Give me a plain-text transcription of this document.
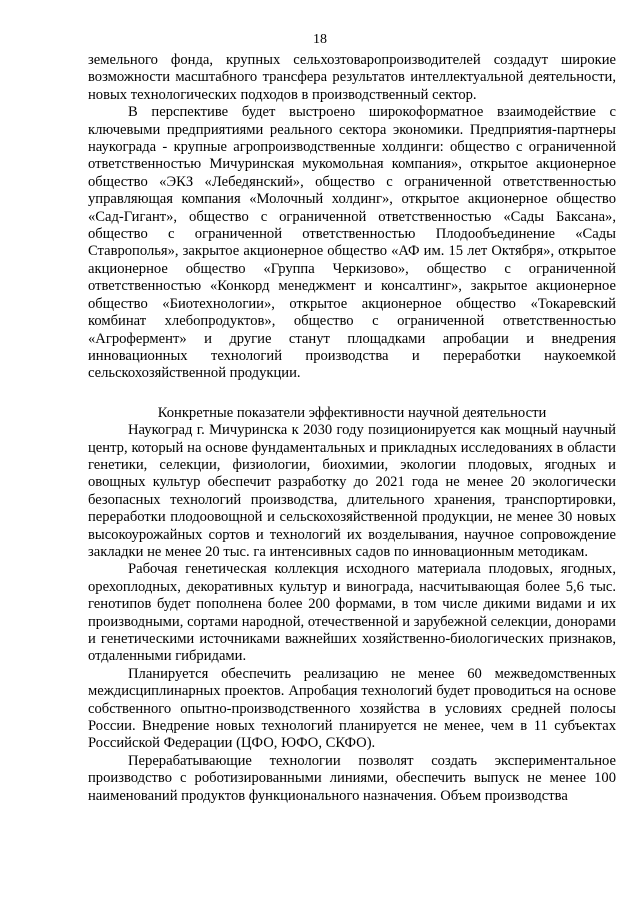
18

земельного фонда, крупных сельхозтоваропроизводителей создадут широкие возможности масштабного трансфера результатов интеллектуальной деятельности, новых технологических подходов в производственный сектор.

В перспективе будет выстроено широкоформатное взаимодействие с ключевыми предприятиями реального сектора экономики. Предприятия-партнеры наукограда - крупные агропроизводственные холдинги: общество с ограниченной ответственностью Мичуринская мукомольная компания», открытое акционерное общество «ЭКЗ «Лебедянский», общество с ограниченной ответственностью управляющая компания «Молочный холдинг», открытое акционерное общество «Сад-Гигант», общество с ограниченной ответственностью «Сады Баксана», общество с ограниченной ответственностью Плодообъединение «Сады Ставрополья», закрытое акционерное общество «АФ им. 15 лет Октября», открытое акционерное общество «Группа Черкизово», общество с ограниченной ответственностью «Конкорд менеджмент и консалтинг», закрытое акционерное общество «Биотехнологии», открытое акционерное общество «Токаревский комбинат хлебопродуктов», общество с ограниченной ответственностью «Агрофермент» и другие станут площадками апробации и внедрения инновационных технологий производства и переработки наукоемкой сельскохозяйственной продукции.

Конкретные показатели эффективности научной деятельности

Наукоград г. Мичуринска к 2030 году позиционируется как мощный научный центр, который на основе фундаментальных и прикладных исследованиях в области генетики, селекции, физиологии, биохимии, экологии плодовых, ягодных и овощных культур обеспечит разработку до 2021 года не менее 20 экологически безопасных технологий производства, длительного хранения, транспортировки, переработки плодоовощной и сельскохозяйственной продукции, не менее 30 новых высокоурожайных сортов и технологий их возделывания, научное сопровождение закладки не менее 20 тыс. га интенсивных садов по инновационным методикам.

Рабочая генетическая коллекция исходного материала плодовых, ягодных, орехоплодных, декоративных культур и винограда, насчитывающая более 5,6 тыс. генотипов будет пополнена более 200 формами, в том числе дикими видами и их производными, сортами народной, отечественной и зарубежной селекции, донорами и генетическими источниками важнейших хозяйственно-биологических признаков, отдаленными гибридами.

Планируется обеспечить реализацию не менее 60 межведомственных междисциплинарных проектов. Апробация технологий будет проводиться на основе собственного опытно-производственного хозяйства в условиях средней полосы России. Внедрение новых технологий планируется не менее, чем в 11 субъектах Российской Федерации (ЦФО, ЮФО, СКФО).

Перерабатывающие технологии позволят создать экспериментальное производство с роботизированными линиями, обеспечить выпуск не менее 100 наименований продуктов функционального назначения. Объем производства
